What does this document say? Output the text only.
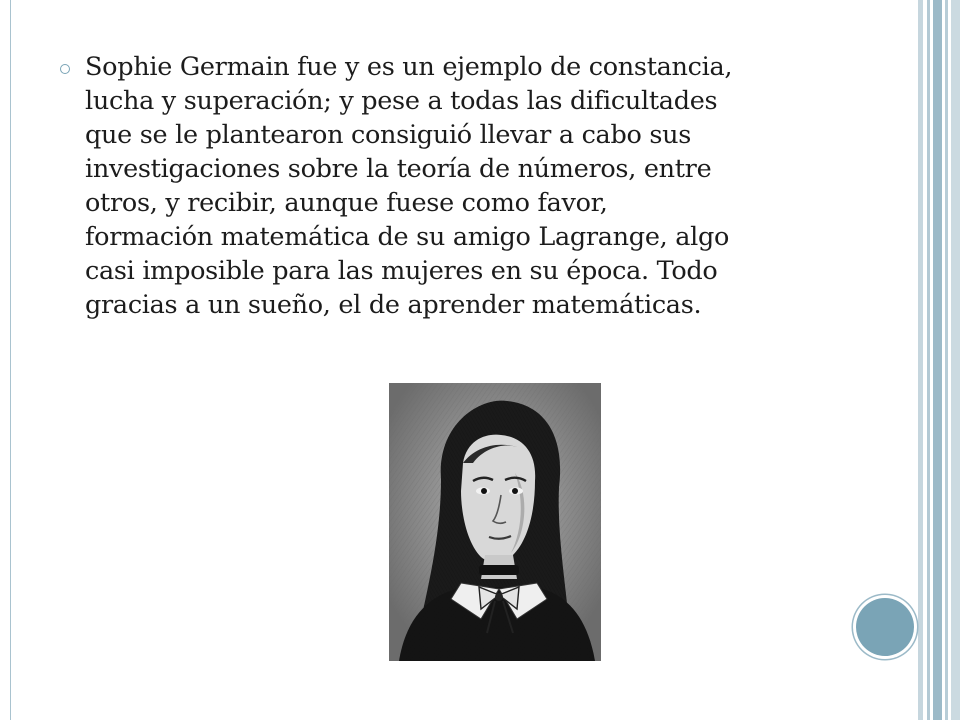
Sophie Germain fue y es un ejemplo de constancia,
lucha y superación; y pese a todas las dificultades
que se le plantearon consiguió llevar a cabo sus
investigaciones sobre la teoría de números, entre
otros, y recibir, aunque fuese como favor,
formación matemática de su amigo Lagrange, algo
casi imposible para las mujeres en su época. Todo
gracias a un sueño, el de aprender matemáticas.
